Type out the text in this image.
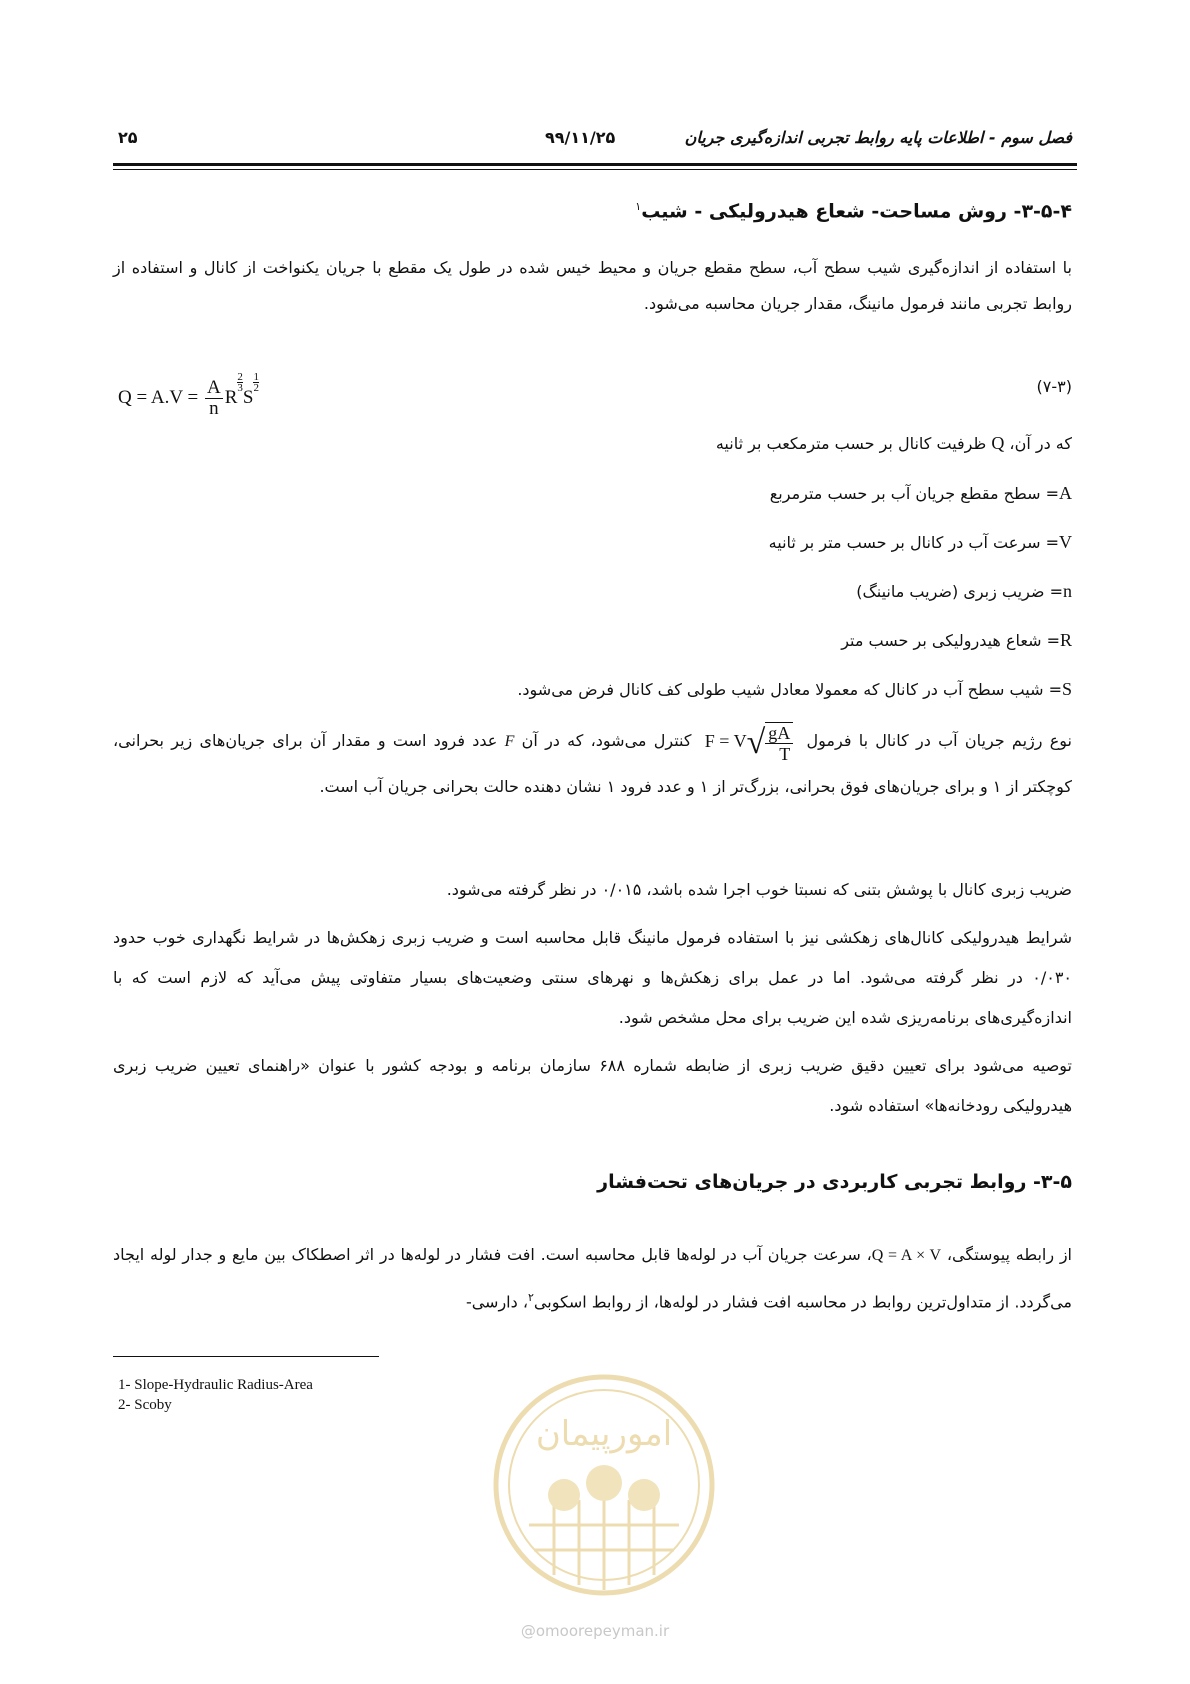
فصل سوم - اطلاعات پایه روابط تجربی اندازه‌گیری جریان
۹۹/۱۱/۲۵
۲۵
۳-۵-۴- روش مساحت- شعاع هیدرولیکی - شیب$^۱$
با استفاده از اندازه‌گیری شیب سطح آب، سطح مقطع جریان و محیط خیس شده در طول یک مقطع با جریان یکنواخت از کانال و استفاده از روابط تجربی مانند فرمول مانینگ، مقدار جریان محاسبه می‌شود.
$Q = A.V = \frac{A}{n}$ R
$\frac{2}{3}$
S
$\frac{1}{2}$	(۷-۳)
که در آن، Q ظرفیت کانال بر حسب مترمکعب بر ثانیه
A= سطح مقطع جریان آب بر حسب مترمربع
V= سرعت آب در کانال بر حسب متر بر ثانیه
n= ضریب زبری (ضریب مانینگ)
R= شعاع هیدرولیکی بر حسب متر
S= شیب سطح آب در کانال که معمولا معادل شیب طولی کف کانال فرض می‌شود.
نوع رژیم جریان آب در کانال با فرمول $F = V√ \frac{gA}{T}$
کنترل می‌شود، که در آن F عدد فرود است و مقدار آن برای جریان‌های زیر بحرانی، کوچکتر از ۱ و برای جریان‌های فوق بحرانی، بزرگ‌تر از ۱ و عدد فرود ۱ نشان دهنده حالت بحرانی جریان آب است.
ضریب زبری کانال با پوشش بتنی که نسبتا خوب اجرا شده باشد، ۰/۰۱۵ در نظر گرفته می‌شود.
شرایط هیدرولیکی کانال‌های زهکشی نیز با استفاده فرمول مانینگ قابل محاسبه است و ضریب زبری زهکش‌ها در شرایط نگهداری خوب حدود ۰/۰۳۰ در نظر گرفته می‌شود. اما در عمل برای زهکش‌ها و نهرهای سنتی وضعیت‌های بسیار متفاوتی پیش می‌آید که لازم است که با اندازه‌گیری‌های برنامه‌ریزی شده این ضریب برای محل مشخص شود.
توصیه می‌شود برای تعیین دقیق ضریب زبری از ضابطه شماره ۶۸۸ سازمان برنامه و بودجه کشور با عنوان «راهنمای تعیین ضریب زبری هیدرولیکی رودخانه‌ها» استفاده شود.
۳-۵- روابط تجربی کاربردی در جریان‌های تحت‌فشار
از رابطه پیوستگی، Q = A × V، سرعت جریان آب در لوله‌ها قابل محاسبه است. افت فشار در لوله‌ها در اثر اصطکاک بین مایع و جدار لوله ایجاد می‌گردد. از متداول‌ترین روابط در محاسبه افت فشار در لوله‌ها، از روابط اسکوبی$^۲$، دارسی-
1- Slope-Hydraulic Radius-Area
2- Scoby
امورپیمان
@omoorepeyman.ir
